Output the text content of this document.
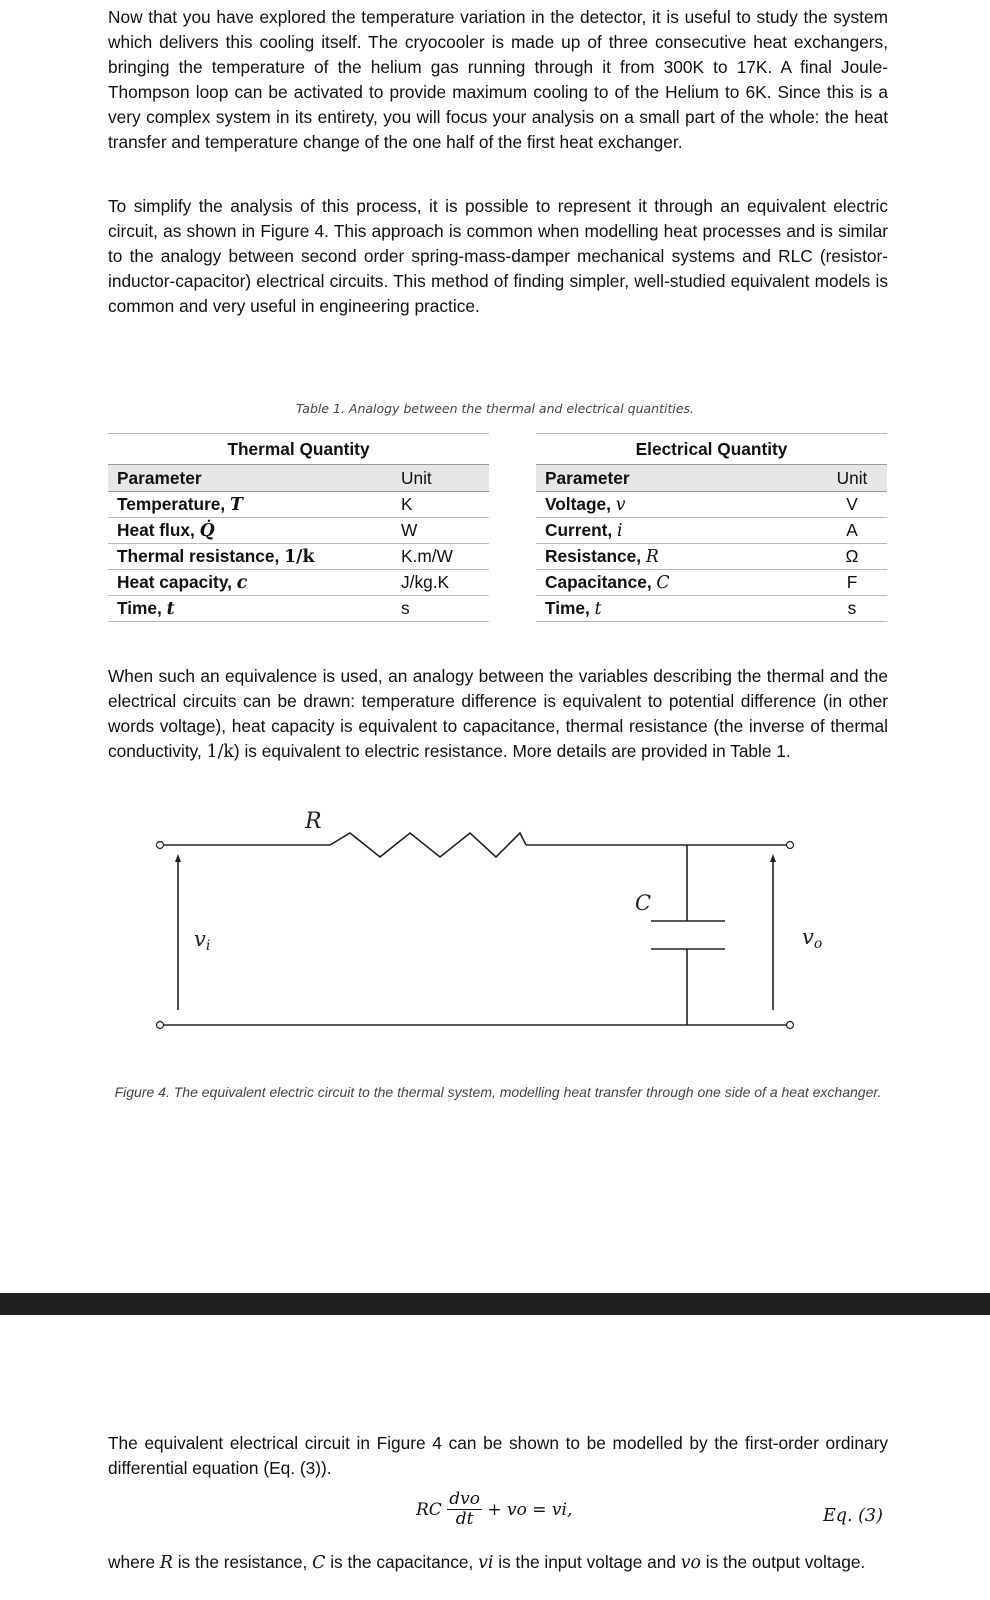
Now that you have explored the temperature variation in the detector, it is useful to study the system which delivers this cooling itself. The cryocooler is made up of three consecutive heat exchangers, bringing the temperature of the helium gas running through it from 300K to 17K. A final Joule-Thompson loop can be activated to provide maximum cooling to of the Helium to 6K. Since this is a very complex system in its entirety, you will focus your analysis on a small part of the whole: the heat transfer and temperature change of the one half of the first heat exchanger.

To simplify the analysis of this process, it is possible to represent it through an equivalent electric circuit, as shown in Figure 4. This approach is common when modelling heat processes and is similar to the analogy between second order spring-mass-damper mechanical systems and RLC (resistor-inductor-capacitor) electrical circuits. This method of finding simpler, well-studied equivalent models is common and very useful in engineering practice.

Table 1. Analogy between the thermal and electrical quantities.
Thermal Quantity	
Parameter	Unit
Temperature, T	K
Heat flux, Q̇	W
Thermal resistance, 1/k	K.m/W
Heat capacity, c	J/kg.K
Time, t	s
Electrical Quantity	
Parameter	Unit
Voltage, v	V
Current, i	A
Resistance, R	Ω
Capacitance, C	F
Time, t	s

When such an equivalence is used, an analogy between the variables describing the thermal and the electrical circuits can be drawn: temperature difference is equivalent to potential difference (in other words voltage), heat capacity is equivalent to capacitance, thermal resistance (the inverse of thermal conductivity, 1/k) is equivalent to electric resistance. More details are provided in Table 1.

R
C
vi	vo
Figure 4. The equivalent electric circuit to the thermal system, modelling heat transfer through one side of a heat exchanger.

The equivalent electrical circuit in Figure 4 can be shown to be modelled by the first-order ordinary differential equation (Eq. (3)).

RC
dvo
dt + vo = vi,	Eq. (3)

where R is the resistance, C is the capacitance, vi is the input voltage and vo is the output voltage.
